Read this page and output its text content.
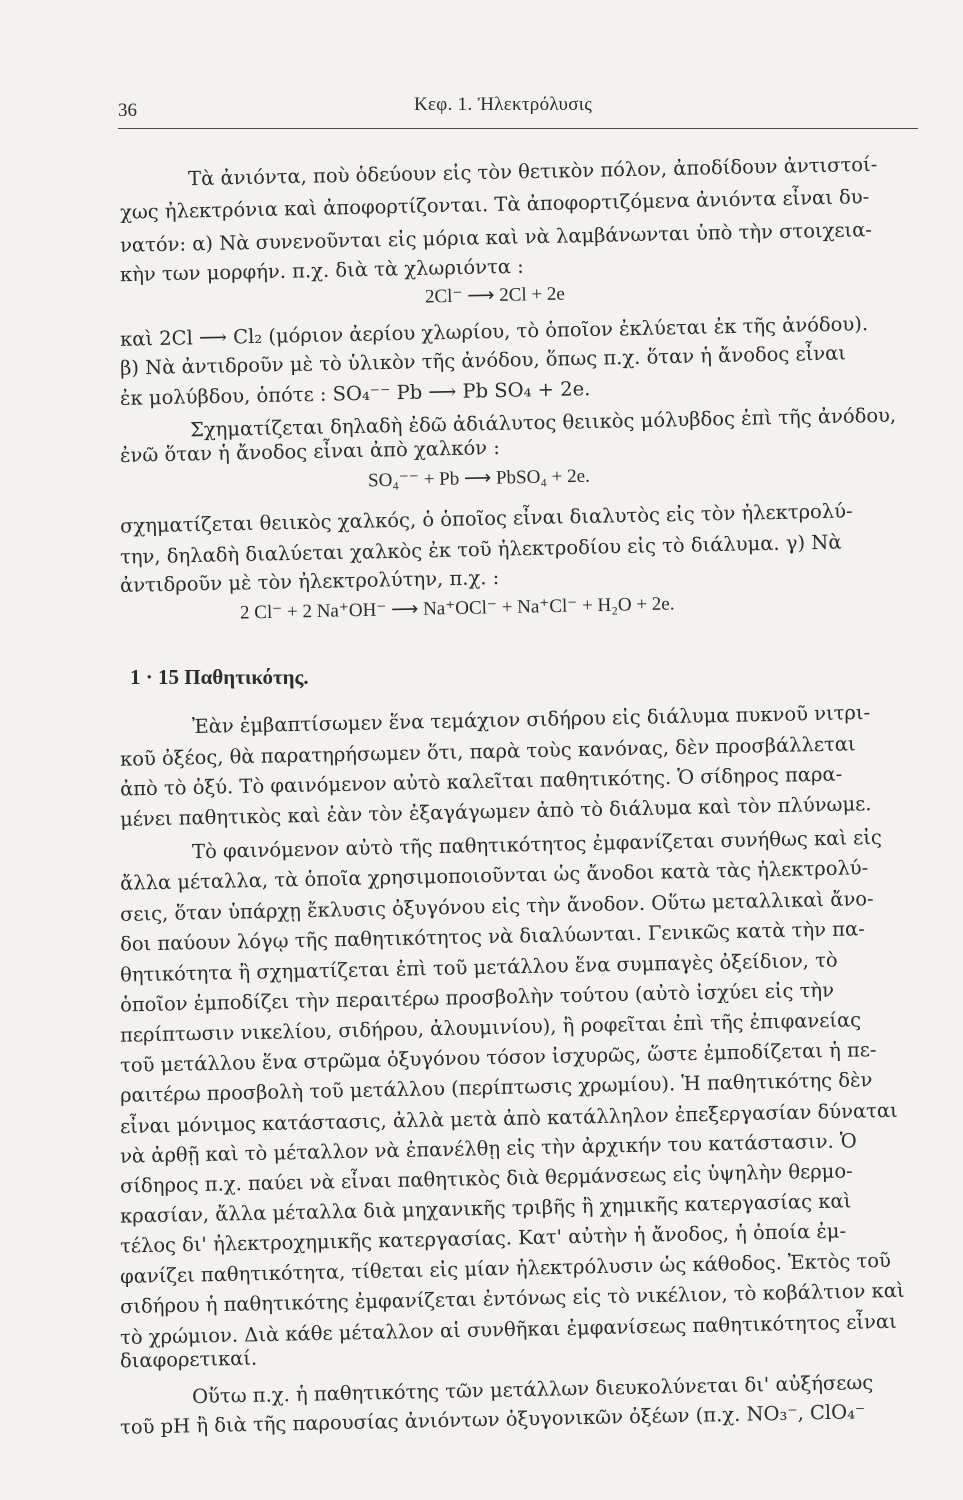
36	Κεφ. 1. Ἠλεκτρόλυσις
Τὰ ἀνιόντα, ποὺ ὁδεύουν εἰς τὸν θετικὸν πόλον, ἀποδίδουν ἀντιστοί-
χως ἠλεκτρόνια καὶ ἀποφορτίζονται. Τὰ ἀποφορτιζόμενα ἀνιόντα εἶναι δυ-
νατόν: α) Νὰ συνενοῦνται εἰς μόρια καὶ νὰ λαμβάνωνται ὑπὸ τὴν στοιχεια-
κὴν των μορφήν. π.χ. διὰ τὰ χλωριόντα :
2Cl⁻ ⟶ 2Cl + 2e
καὶ 2Cl ⟶ Cl₂ (μόριον ἀερίου χλωρίου, τὸ ὁποῖον ἐκλύεται ἐκ τῆς ἀνόδου).
β) Νὰ ἀντιδροῦν μὲ τὸ ὑλικὸν τῆς ἀνόδου, ὅπως π.χ. ὅταν ἡ ἄνοδος εἶναι
ἐκ μολύβδου, ὁπότε : SO₄⁻⁻ Pb ⟶ Pb SO₄ + 2e.
Σχηματίζεται δηλαδὴ ἐδῶ ἀδιάλυτος θειικὸς μόλυβδος ἐπὶ τῆς ἀνόδου,
ἐνῶ ὅταν ἡ ἄνοδος εἶναι ἀπὸ χαλκόν :
SO₄⁻⁻ + Pb ⟶ PbSO₄ + 2e.
σχηματίζεται θειικὸς χαλκός, ὁ ὁποῖος εἶναι διαλυτὸς εἰς τὸν ἠλεκτρολύ-
την, δηλαδὴ διαλύεται χαλκὸς ἐκ τοῦ ἠλεκτροδίου εἰς τὸ διάλυμα. γ) Νὰ
ἀντιδροῦν μὲ τὸν ἠλεκτρολύτην, π.χ. :
2 Cl⁻ + 2 Na⁺OH⁻ ⟶ Na⁺OCl⁻ + Na⁺Cl⁻ + H₂O + 2e.
1 · 15 Παθητικότης.
Ἐὰν ἐμβαπτίσωμεν ἕνα τεμάχιον σιδήρου εἰς διάλυμα πυκνοῦ νιτρι-
κοῦ ὀξέος, θὰ παρατηρήσωμεν ὅτι, παρὰ τοὺς κανόνας, δὲν προσβάλλεται
ἀπὸ τὸ ὀξύ. Τὸ φαινόμενον αὐτὸ καλεῖται παθητικότης. Ὁ σίδηρος παρα-
μένει παθητικὸς καὶ ἐὰν τὸν ἐξαγάγωμεν ἀπὸ τὸ διάλυμα καὶ τὸν πλύνωμε.
Τὸ φαινόμενον αὐτὸ τῆς παθητικότητος ἐμφανίζεται συνήθως καὶ εἰς
ἄλλα μέταλλα, τὰ ὁποῖα χρησιμοποιοῦνται ὡς ἄνοδοι κατὰ τὰς ἠλεκτρολύ-
σεις, ὅταν ὑπάρχῃ ἔκλυσις ὀξυγόνου εἰς τὴν ἄνοδον. Οὕτω μεταλλικαὶ ἄνο-
δοι παύουν λόγῳ τῆς παθητικότητος νὰ διαλύωνται. Γενικῶς κατὰ τὴν πα-
θητικότητα ἢ σχηματίζεται ἐπὶ τοῦ μετάλλου ἕνα συμπαγὲς ὀξείδιον, τὸ
ὁποῖον ἐμποδίζει τὴν περαιτέρω προσβολὴν τούτου (αὐτὸ ἰσχύει εἰς τὴν
περίπτωσιν νικελίου, σιδήρου, ἀλουμινίου), ἢ ροφεῖται ἐπὶ τῆς ἐπιφανείας
τοῦ μετάλλου ἕνα στρῶμα ὀξυγόνου τόσον ἰσχυρῶς, ὥστε ἐμποδίζεται ἡ πε-
ραιτέρω προσβολὴ τοῦ μετάλλου (περίπτωσις χρωμίου). Ἡ παθητικότης δὲν
εἶναι μόνιμος κατάστασις, ἀλλὰ μετὰ ἀπὸ κατάλληλον ἐπεξεργασίαν δύναται
νὰ ἀρθῇ καὶ τὸ μέταλλον νὰ ἐπανέλθῃ εἰς τὴν ἀρχικήν του κατάστασιν. Ὁ
σίδηρος π.χ. παύει νὰ εἶναι παθητικὸς διὰ θερμάνσεως εἰς ὑψηλὴν θερμο-
κρασίαν, ἄλλα μέταλλα διὰ μηχανικῆς τριβῆς ἢ χημικῆς κατεργασίας καὶ
τέλος δι' ἠλεκτροχημικῆς κατεργασίας. Κατ' αὐτὴν ἡ ἄνοδος, ἡ ὁποία ἐμ-
φανίζει παθητικότητα, τίθεται εἰς μίαν ἠλεκτρόλυσιν ὡς κάθοδος. Ἐκτὸς τοῦ
σιδήρου ἡ παθητικότης ἐμφανίζεται ἐντόνως εἰς τὸ νικέλιον, τὸ κοβάλτιον καὶ
τὸ χρώμιον. Διὰ κάθε μέταλλον αἱ συνθῆκαι ἐμφανίσεως παθητικότητος εἶναι
διαφορετικαί.
Οὕτω π.χ. ἡ παθητικότης τῶν μετάλλων διευκολύνεται δι' αὐξήσεως
τοῦ pH ἢ διὰ τῆς παρουσίας ἀνιόντων ὀξυγονικῶν ὀξέων (π.χ. NO₃⁻, ClO₄⁻
